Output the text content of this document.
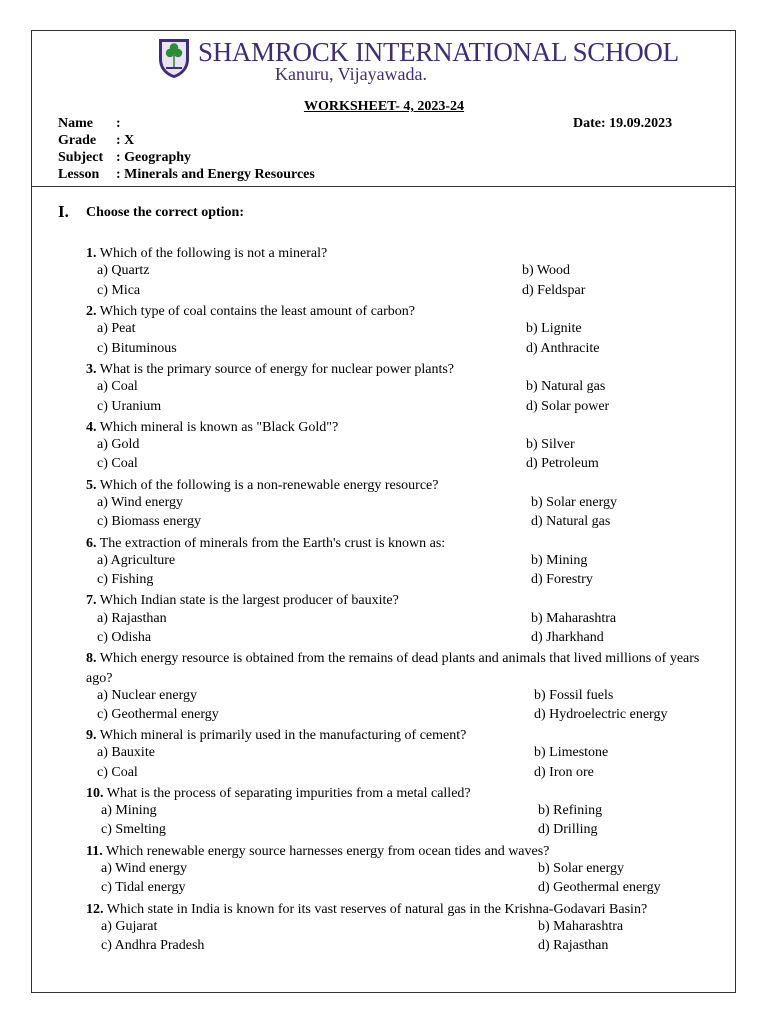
SHAMROCK INTERNATIONAL SCHOOL
Kanuru, Vijayawada.
WORKSHEET- 4, 2023-24
Name :
Grade : X
Subject : Geography
Lesson : Minerals and Energy Resources
Date: 19.09.2023
I. Choose the correct option:
1. Which of the following is not a mineral?
a) Quartz	b) Wood
c) Mica	d) Feldspar
2. Which type of coal contains the least amount of carbon?
a) Peat	b) Lignite
c) Bituminous	d) Anthracite
3. What is the primary source of energy for nuclear power plants?
a) Coal	b) Natural gas
c) Uranium	d) Solar power
4. Which mineral is known as "Black Gold"?
a) Gold	b) Silver
c) Coal	d) Petroleum
5. Which of the following is a non-renewable energy resource?
a) Wind energy	b) Solar energy
c) Biomass energy	d) Natural gas
6. The extraction of minerals from the Earth's crust is known as:
a) Agriculture	b) Mining
c) Fishing	d) Forestry
7. Which Indian state is the largest producer of bauxite?
a) Rajasthan	b) Maharashtra
c) Odisha	d) Jharkhand
8. Which energy resource is obtained from the remains of dead plants and animals that lived millions of years ago?
a) Nuclear energy	b) Fossil fuels
c) Geothermal energy	d) Hydroelectric energy
9. Which mineral is primarily used in the manufacturing of cement?
a) Bauxite	b) Limestone
c) Coal	d) Iron ore
10. What is the process of separating impurities from a metal called?
a) Mining	b) Refining
c) Smelting	d) Drilling
11. Which renewable energy source harnesses energy from ocean tides and waves?
a) Wind energy	b) Solar energy
c) Tidal energy	d) Geothermal energy
12. Which state in India is known for its vast reserves of natural gas in the Krishna-Godavari Basin?
a) Gujarat	b) Maharashtra
c) Andhra Pradesh	d) Rajasthan
